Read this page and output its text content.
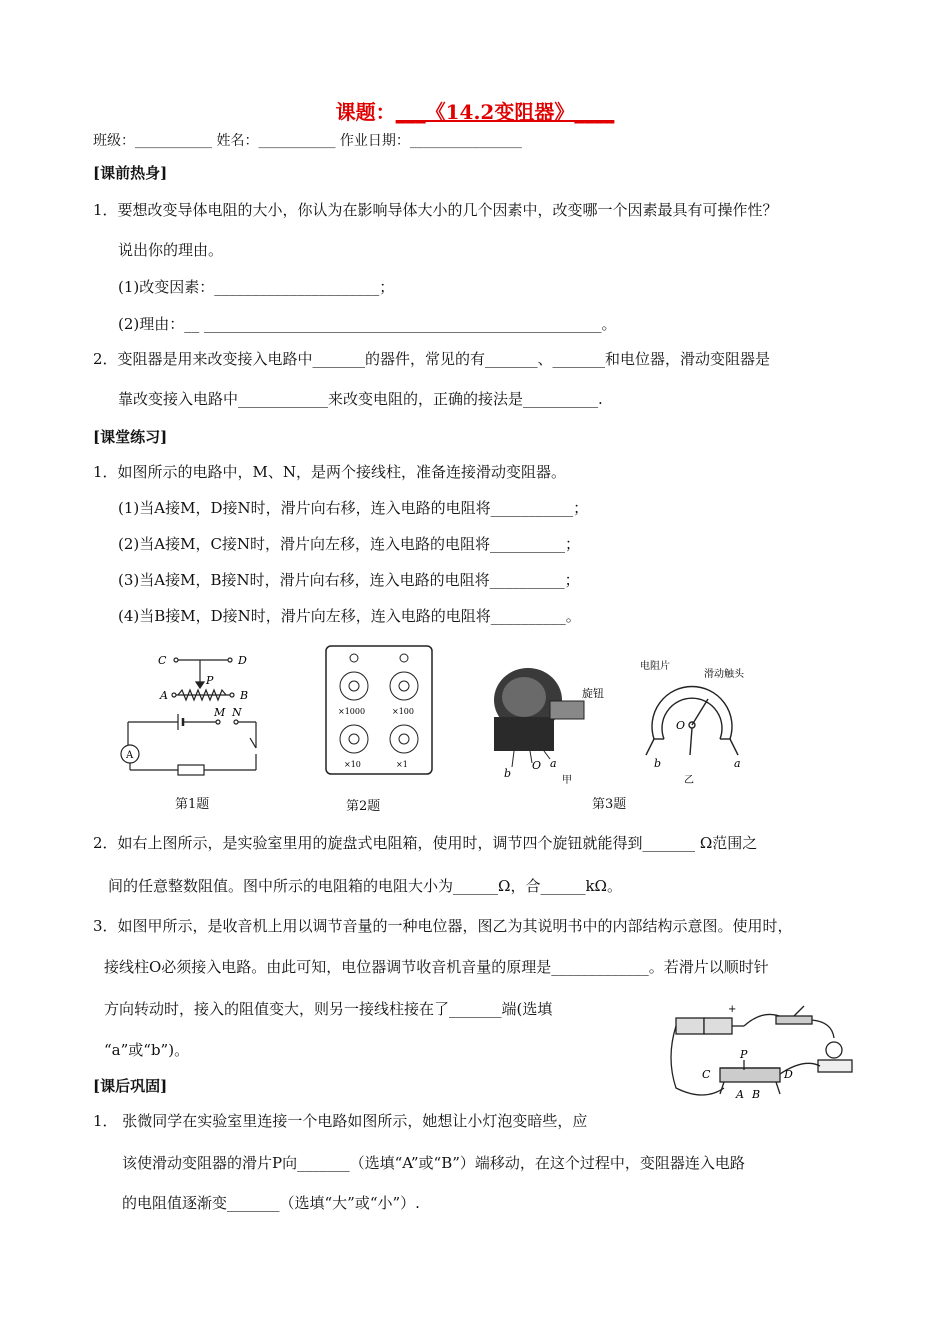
课题：___《14.2变阻器》____
班级：___________ 姓名：___________ 作业日期：________________
[课前热身]
1．要想改变导体电阻的大小，你认为在影响导体大小的几个因素中，改变哪一个因素最具有可操作性？
说出你的理由。
(1)改变因素：______________________；
(2)理由：__ _____________________________________________________。
2．变阻器是用来改变接入电路中_______的器件，常见的有_______、_______和电位器，滑动变阻器是
靠改变接入电路中____________来改变电阻的，正确的接法是__________.
[课堂练习]
1．如图所示的电路中，M、N，是两个接线柱，准备连接滑动变阻器。
(1)当A接M，D接N时，滑片向右移，连入电路的电阻将___________；
(2)当A接M，C接N时，滑片向左移，连入电路的电阻将__________；
(3)当A接M，B接N时，滑片向右移，连入电路的电阻将__________；
(4)当B接M，D接N时，滑片向左移，连入电路的电阻将__________。
C	D
P
A	B
M N
A
第1题
×1000	×100
×10	×1
第2题
旋钮
b
O a
甲
电阻片
滑动触头
O
b	a
乙
第3题
2．如右上图所示，是实验室里用的旋盘式电阻箱，使用时，调节四个旋钮就能得到_______ Ω范围之
间的任意整数阻值。图中所示的电阻箱的电阻大小为______Ω，合______kΩ。
3．如图甲所示，是收音机上用以调节音量的一种电位器，图乙为其说明书中的内部结构示意图。使用时，
接线柱O必须接入电路。由此可知，电位器调节收音机音量的原理是_____________。若滑片以顺时针
方向转动时，接入的阻值变大，则另一接线柱接在了_______端(选填
“a”或“b”)。
+
C
P
D
A B
[课后巩固]
1． 张微同学在实验室里连接一个电路如图所示，她想让小灯泡变暗些，应
该使滑动变阻器的滑片P向_______（选填“A”或“B”）端移动，在这个过程中，变阻器连入电路
的电阻值逐渐变_______（选填“大”或“小”）.
